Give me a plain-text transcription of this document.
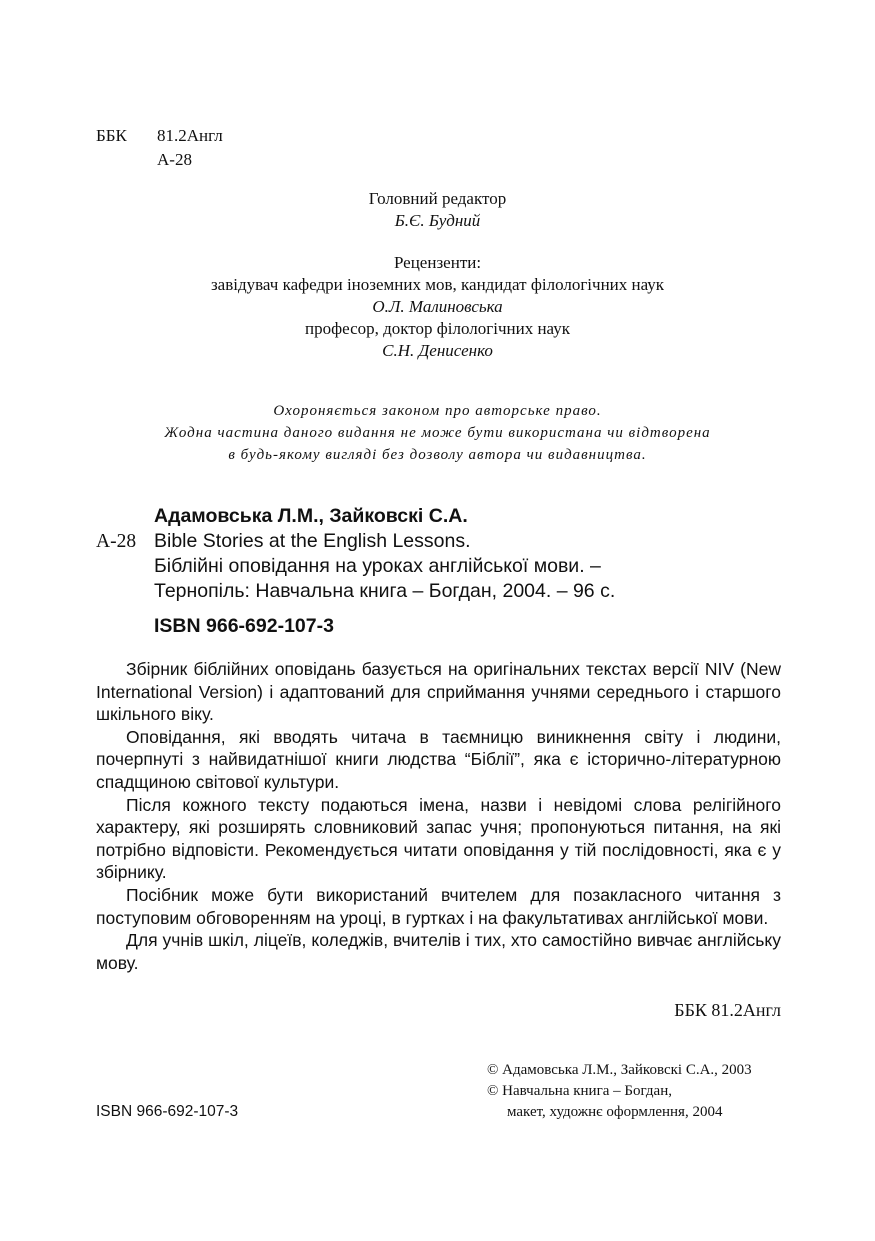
ББК	81.2Англ
А-28
Головний редактор
Б.Є. Будний
Рецензенти:
завідувач кафедри іноземних мов, кандидат філологічних наук
О.Л. Малиновська
професор, доктор філологічних наук
С.Н. Денисенко
Охороняється законом про авторське право.
Жодна частина даного видання не може бути використана чи відтворена
в будь-якому вигляді без дозволу автора чи видавництва.
Адамовська Л.М., Зайковскі С.А.
А-28 Bible Stories at the English Lessons.
Біблійні оповідання на уроках англійської мови. –
Тернопіль: Навчальна книга – Богдан, 2004. – 96 с.
ISBN 966-692-107-3

Збірник біблійних оповідань базується на оригінальних текстах версії NIV (New International Version) і адаптований для сприймання учнями середнього і старшого шкільного віку.

Оповідання, які вводять читача в таємницю виникнення світу і людини, почерпнуті з найвидатнішої книги людства “Біблії”, яка є історично-літературною спадщиною світової культури.

Після кожного тексту подаються імена, назви і невідомі слова релігійного характеру, які розширять словниковий запас учня; пропонуються питання, на які потрібно відповісти. Рекомендується читати оповідання у тій послідовності, яка є у збірнику.

Посібник може бути використаний вчителем для позакласного читання з поступовим обговоренням на уроці, в гуртках і на факультативах англійської мови.

Для учнів шкіл, ліцеїв, коледжів, вчителів і тих, хто самостійно вивчає англійську мову.

ББК 81.2Англ
© Адамовська Л.М., Зайковскі С.А., 2003
© Навчальна книга – Богдан,
макет, художнє оформлення, 2004
ISBN 966-692-107-3
